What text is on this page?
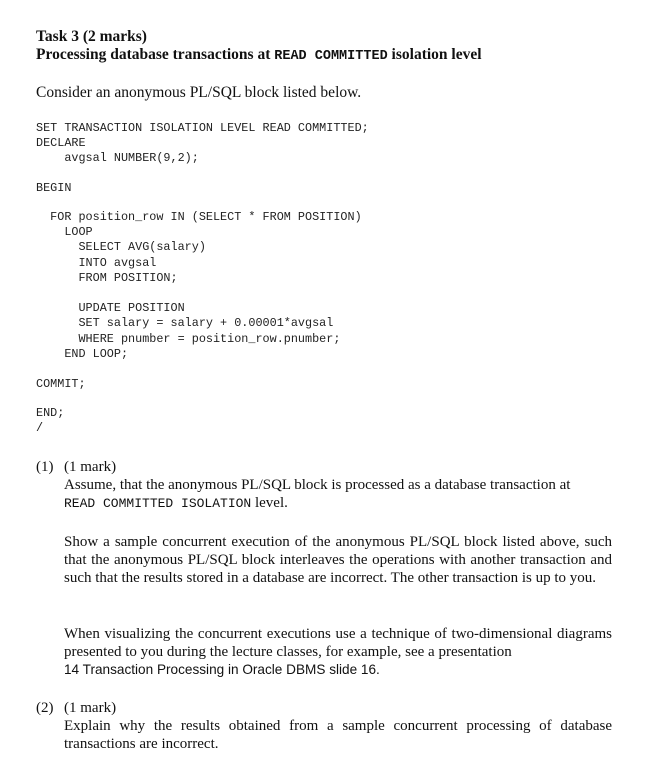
Task 3 (2 marks)
Processing database transactions at READ COMMITTED isolation level
Consider an anonymous PL/SQL block listed below.
SET TRANSACTION ISOLATION LEVEL READ COMMITTED;
DECLARE
avgsal NUMBER(9,2);
BEGIN
FOR position_row IN (SELECT * FROM POSITION)
LOOP
SELECT AVG(salary)
INTO avgsal
FROM POSITION;

UPDATE POSITION
SET salary = salary + 0.00001*avgsal
WHERE pnumber = position_row.pnumber;
END LOOP;
COMMIT;
END;
/
(1) (1 mark)
Assume, that the anonymous PL/SQL block is processed as a database transaction at
READ COMMITTED ISOLATION level.
Show a sample concurrent execution of the anonymous PL/SQL block listed above, such that the anonymous PL/SQL block interleaves the operations with another transaction and such that the results stored in a database are incorrect. The other transaction is up to you.
When visualizing the concurrent executions use a technique of two-dimensional diagrams presented to you during the lecture classes, for example, see a presentation
14 Transaction Processing in Oracle DBMS slide 16.
(2) (1 mark)
Explain why the results obtained from a sample concurrent processing of database transactions are incorrect.
